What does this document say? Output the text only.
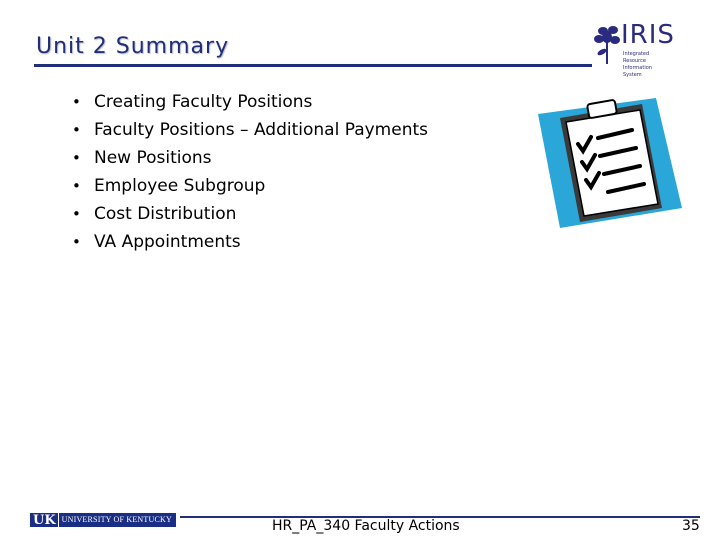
Unit 2 Summary	IRIS
Integrated Resource Information System
• Creating Faculty Positions
• Faculty Positions – Additional Payments
• New Positions
• Employee Subgroup
• Cost Distribution
• VA Appointments
UK UNIVERSITY OF KENTUCKY	HR_PA_340 Faculty Actions	35
